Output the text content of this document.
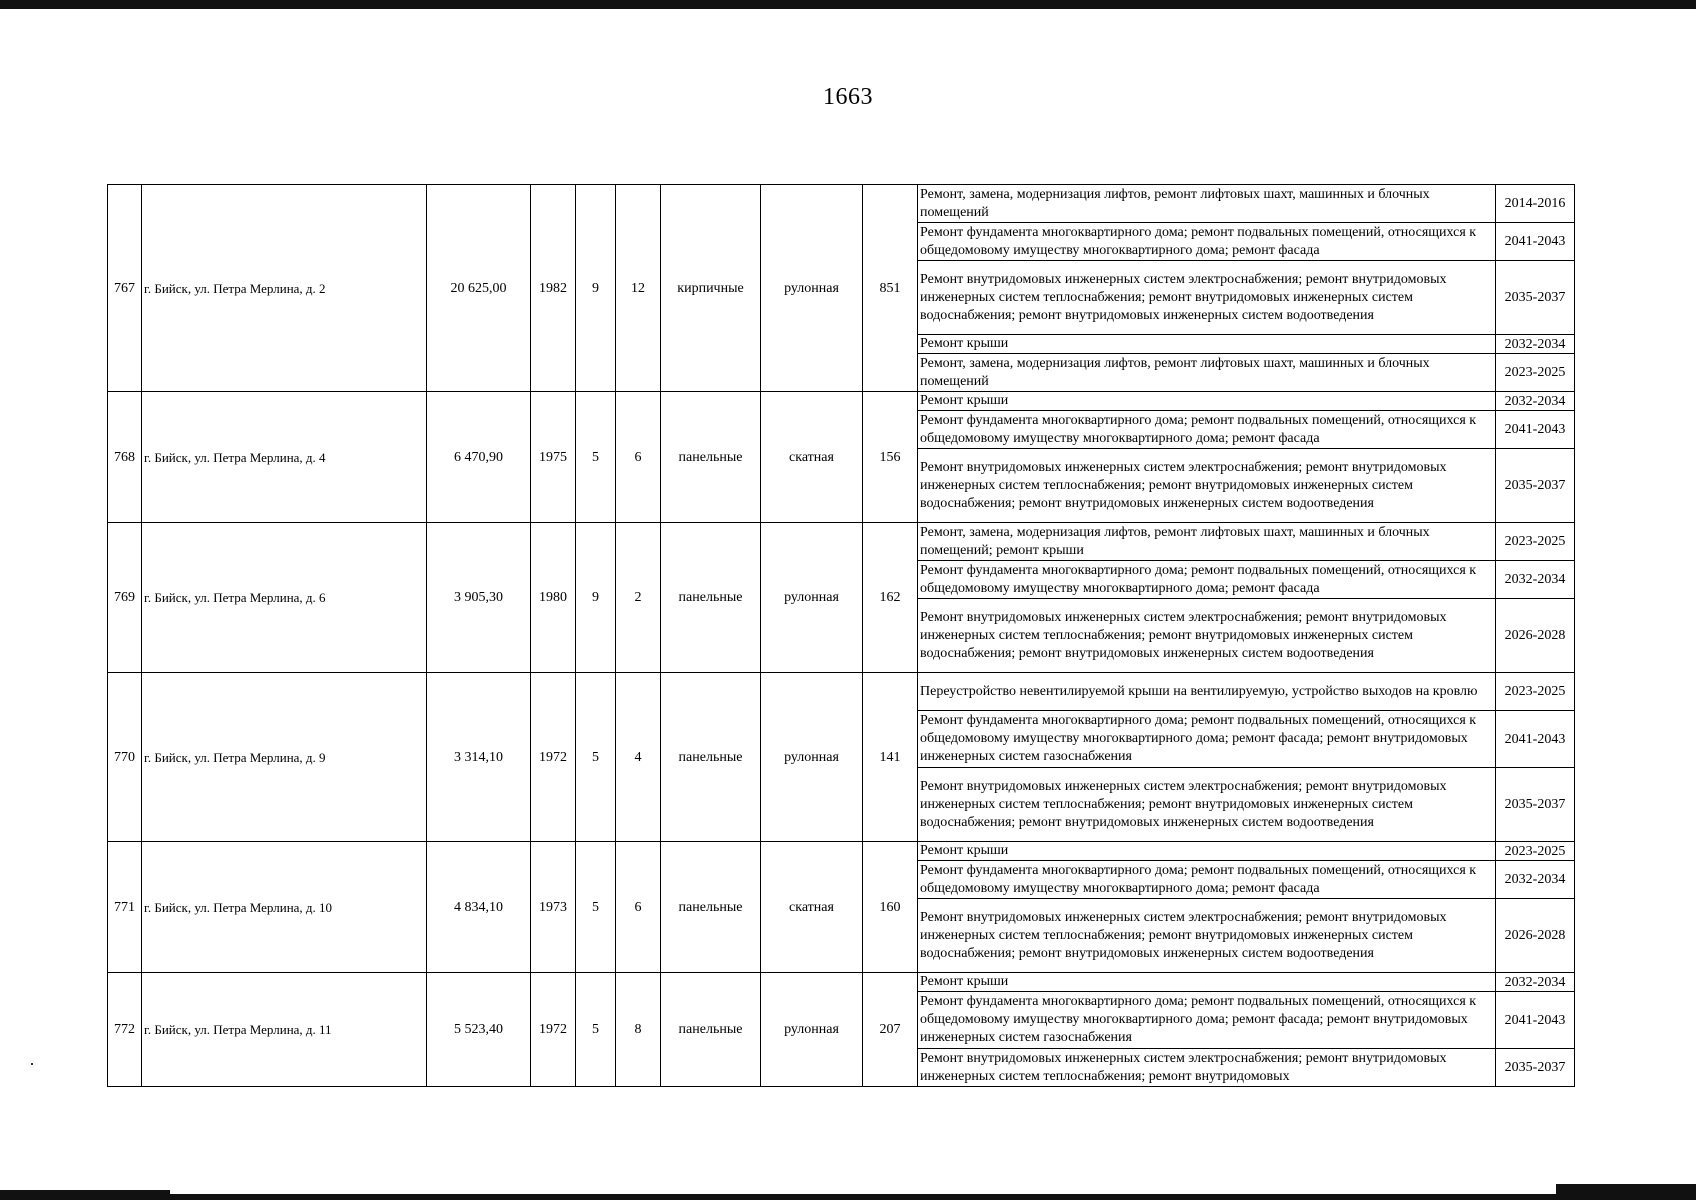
1663
767	г. Бийск, ул. Петра Мерлина, д. 2	20 625,00	1982	9	12	кирпичные	рулонная	851	Ремонт, замена, модернизация лифтов, ремонт лифтовых шахт, машинных и блочных помещений	2014-2016
									Ремонт фундамента многоквартирного дома; ремонт подвальных помещений, относящихся к общедомовому имуществу многоквартирного дома; ремонт фасада	2041-2043
									Ремонт внутридомовых инженерных систем электроснабжения; ремонт внутридомовых инженерных систем теплоснабжения; ремонт внутридомовых инженерных систем водоснабжения; ремонт внутридомовых инженерных систем водоотведения	2035-2037
									Ремонт крыши	2032-2034
									Ремонт, замена, модернизация лифтов, ремонт лифтовых шахт, машинных и блочных помещений	2023-2025
768	г. Бийск, ул. Петра Мерлина, д. 4	6 470,90	1975	5	6	панельные	скатная	156	Ремонт крыши	2032-2034
									Ремонт фундамента многоквартирного дома; ремонт подвальных помещений, относящихся к общедомовому имуществу многоквартирного дома; ремонт фасада	2041-2043
									Ремонт внутридомовых инженерных систем электроснабжения; ремонт внутридомовых инженерных систем теплоснабжения; ремонт внутридомовых инженерных систем водоснабжения; ремонт внутридомовых инженерных систем водоотведения	2035-2037
769	г. Бийск, ул. Петра Мерлина, д. 6	3 905,30	1980	9	2	панельные	рулонная	162	Ремонт, замена, модернизация лифтов, ремонт лифтовых шахт, машинных и блочных помещений; ремонт крыши	2023-2025
									Ремонт фундамента многоквартирного дома; ремонт подвальных помещений, относящихся к общедомовому имуществу многоквартирного дома; ремонт фасада	2032-2034
									Ремонт внутридомовых инженерных систем электроснабжения; ремонт внутридомовых инженерных систем теплоснабжения; ремонт внутридомовых инженерных систем водоснабжения; ремонт внутридомовых инженерных систем водоотведения	2026-2028
770	г. Бийск, ул. Петра Мерлина, д. 9	3 314,10	1972	5	4	панельные	рулонная	141	Переустройство невентилируемой крыши на вентилируемую, устройство выходов на кровлю	2023-2025
									Ремонт фундамента многоквартирного дома; ремонт подвальных помещений, относящихся к общедомовому имуществу многоквартирного дома; ремонт фасада; ремонт внутридомовых инженерных систем газоснабжения	2041-2043
									Ремонт внутридомовых инженерных систем электроснабжения; ремонт внутридомовых инженерных систем теплоснабжения; ремонт внутридомовых инженерных систем водоснабжения; ремонт внутридомовых инженерных систем водоотведения	2035-2037
771	г. Бийск, ул. Петра Мерлина, д. 10	4 834,10	1973	5	6	панельные	скатная	160	Ремонт крыши	2023-2025
									Ремонт фундамента многоквартирного дома; ремонт подвальных помещений, относящихся к общедомовому имуществу многоквартирного дома; ремонт фасада	2032-2034
									Ремонт внутридомовых инженерных систем электроснабжения; ремонт внутридомовых инженерных систем теплоснабжения; ремонт внутридомовых инженерных систем водоснабжения; ремонт внутридомовых инженерных систем водоотведения	2026-2028
772	г. Бийск, ул. Петра Мерлина, д. 11	5 523,40	1972	5	8	панельные	рулонная	207	Ремонт крыши	2032-2034
									Ремонт фундамента многоквартирного дома; ремонт подвальных помещений, относящихся к общедомовому имуществу многоквартирного дома; ремонт фасада; ремонт внутридомовых инженерных систем газоснабжения	2041-2043
									Ремонт внутридомовых инженерных систем электроснабжения; ремонт внутридомовых инженерных систем теплоснабжения; ремонт внутридомовых	2035-2037
